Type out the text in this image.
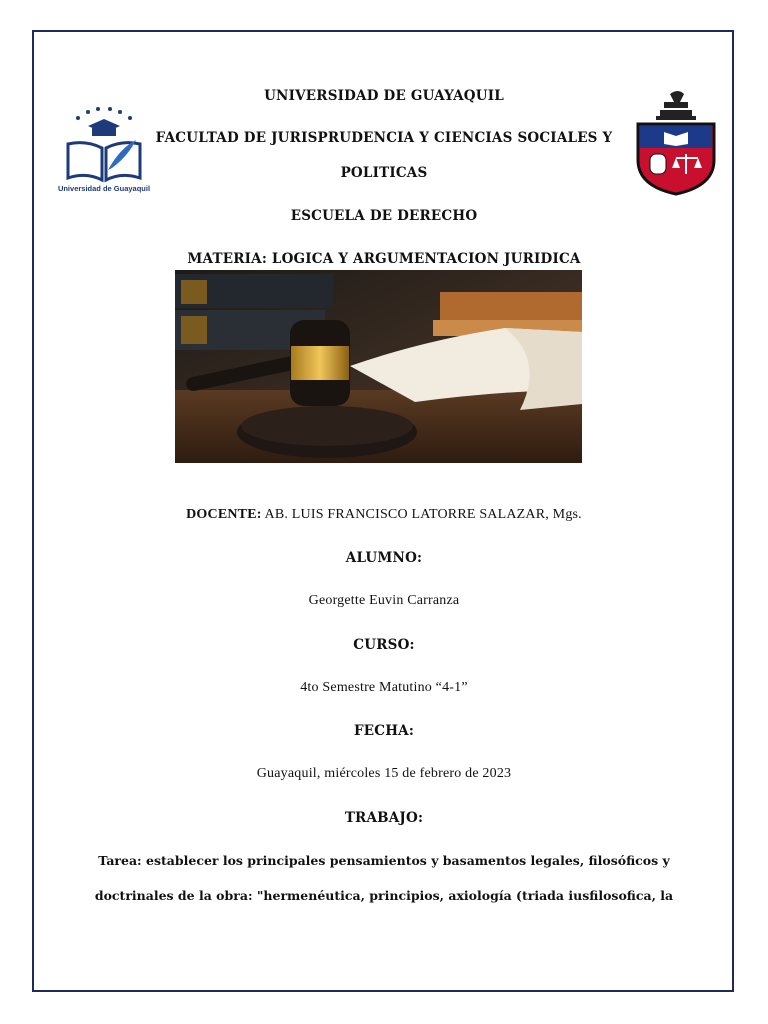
Universidad de Guayaquil
UNIVERSIDAD DE GUAYAQUIL
FACULTAD DE JURISPRUDENCIA Y CIENCIAS SOCIALES Y
POLITICAS
ESCUELA DE DERECHO
MATERIA: LOGICA Y ARGUMENTACION JURIDICA
DOCENTE: AB. LUIS FRANCISCO LATORRE SALAZAR, Mgs.
ALUMNO:
Georgette Euvin Carranza
CURSO:
4to Semestre Matutino “4-1”
FECHA:
Guayaquil, miércoles 15 de febrero de 2023
TRABAJO:
Tarea: establecer los principales pensamientos y basamentos legales, filosóficos y
doctrinales de la obra: "hermenéutica, principios, axiología (triada iusfilosofica, la
